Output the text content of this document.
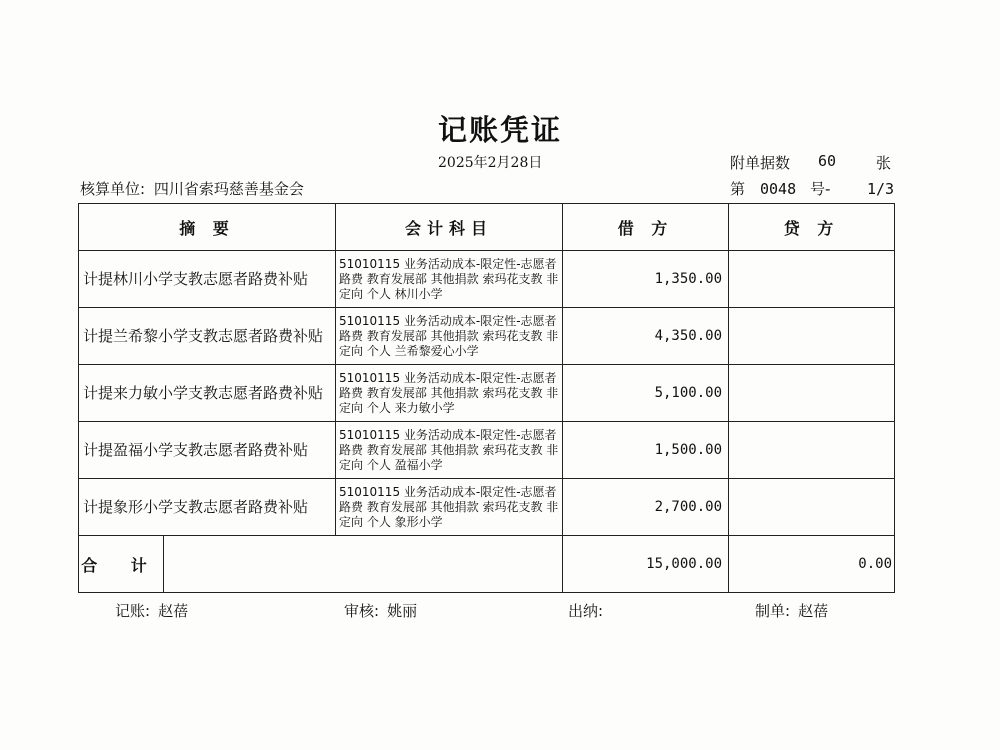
记账凭证
2025年2月28日	附单据数 60	张
核算单位: 四川省索玛慈善基金会	第 0048 号- 1/3
摘 要	会计科目	借 方	贷 方
计提林川小学支教志愿者路费补贴	51010115 业务活动成本-限定性-志愿者路费 教育发展部 其他捐款 索玛花支教 非定向 个人 林川小学	1,350.00	
计提兰希黎小学支教志愿者路费补贴	51010115 业务活动成本-限定性-志愿者路费 教育发展部 其他捐款 索玛花支教 非定向 个人 兰希黎爱心小学	4,350.00	
计提来力敏小学支教志愿者路费补贴	51010115 业务活动成本-限定性-志愿者路费 教育发展部 其他捐款 索玛花支教 非定向 个人 来力敏小学	5,100.00	
计提盈福小学支教志愿者路费补贴	51010115 业务活动成本-限定性-志愿者路费 教育发展部 其他捐款 索玛花支教 非定向 个人 盈福小学	1,500.00	
计提象形小学支教志愿者路费补贴	51010115 业务活动成本-限定性-志愿者路费 教育发展部 其他捐款 索玛花支教 非定向 个人 象形小学	2,700.00	

合 计		15,000.00	0.00
记账: 赵蓓	审核: 姚丽	出纳:	制单: 赵蓓
